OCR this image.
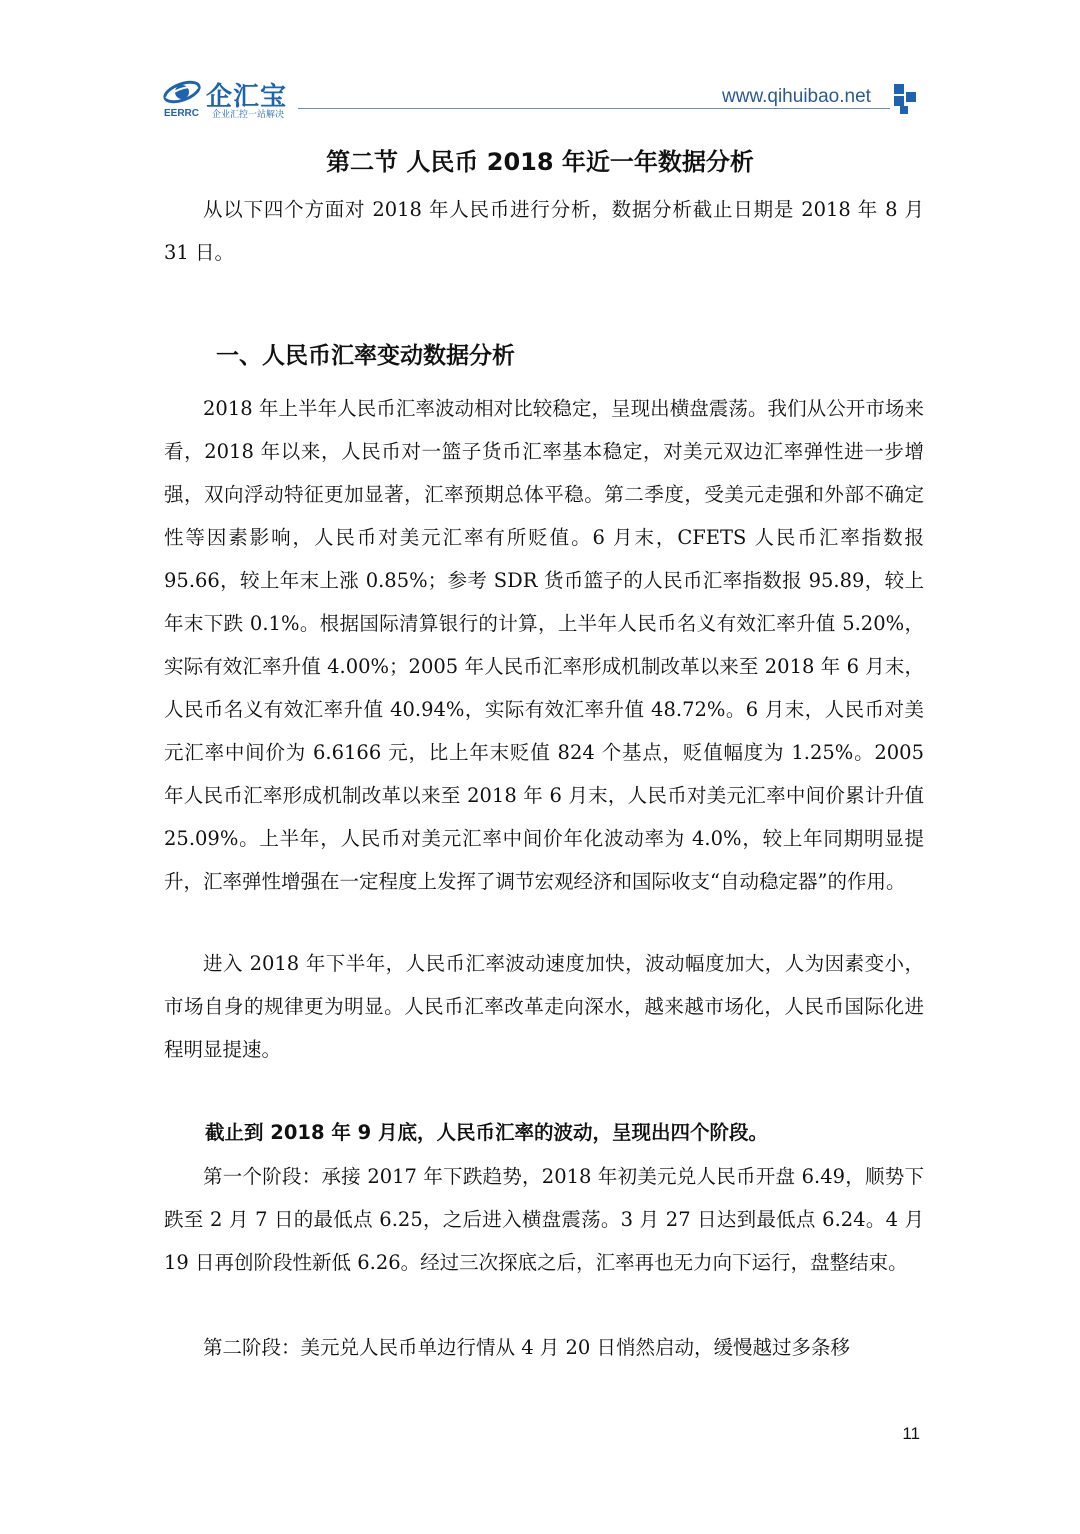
企汇宝
EERRC 企业汇控一站解决
www.qihuibao.net
第二节 人民币 2018 年近一年数据分析

从以下四个方面对 2018 年人民币进行分析，数据分析截止日期是 2018 年 8 月 31 日。

一、人民币汇率变动数据分析

2018 年上半年人民币汇率波动相对比较稳定，呈现出横盘震荡。我们从公开市场来看，2018 年以来，人民币对一篮子货币汇率基本稳定，对美元双边汇率弹性进一步增强，双向浮动特征更加显著，汇率预期总体平稳。第二季度，受美元走强和外部不确定性等因素影响，人民币对美元汇率有所贬值。6 月末，CFETS 人民币汇率指数报 95.66，较上年末上涨 0.85%；参考 SDR 货币篮子的人民币汇率指数报 95.89，较上年末下跌 0.1%。根据国际清算银行的计算，上半年人民币名义有效汇率升值 5.20%，实际有效汇率升值 4.00%；2005 年人民币汇率形成机制改革以来至 2018 年 6 月末，人民币名义有效汇率升值 40.94%，实际有效汇率升值 48.72%。6 月末，人民币对美元汇率中间价为 6.6166 元，比上年末贬值 824 个基点，贬值幅度为 1.25%。2005 年人民币汇率形成机制改革以来至 2018 年 6 月末，人民币对美元汇率中间价累计升值 25.09%。上半年，人民币对美元汇率中间价年化波动率为 4.0%，较上年同期明显提升，汇率弹性增强在一定程度上发挥了调节宏观经济和国际收支“自动稳定器”的作用。

进入 2018 年下半年，人民币汇率波动速度加快，波动幅度加大，人为因素变小，市场自身的规律更为明显。人民币汇率改革走向深水，越来越市场化，人民币国际化进程明显提速。

截止到 2018 年 9 月底，人民币汇率的波动，呈现出四个阶段。

第一个阶段：承接 2017 年下跌趋势，2018 年初美元兑人民币开盘 6.49，顺势下跌至 2 月 7 日的最低点 6.25，之后进入横盘震荡。3 月 27 日达到最低点 6.24。4 月 19 日再创阶段性新低 6.26。经过三次探底之后，汇率再也无力向下运行，盘整结束。

第二阶段：美元兑人民币单边行情从 4 月 20 日悄然启动，缓慢越过多条移

11
